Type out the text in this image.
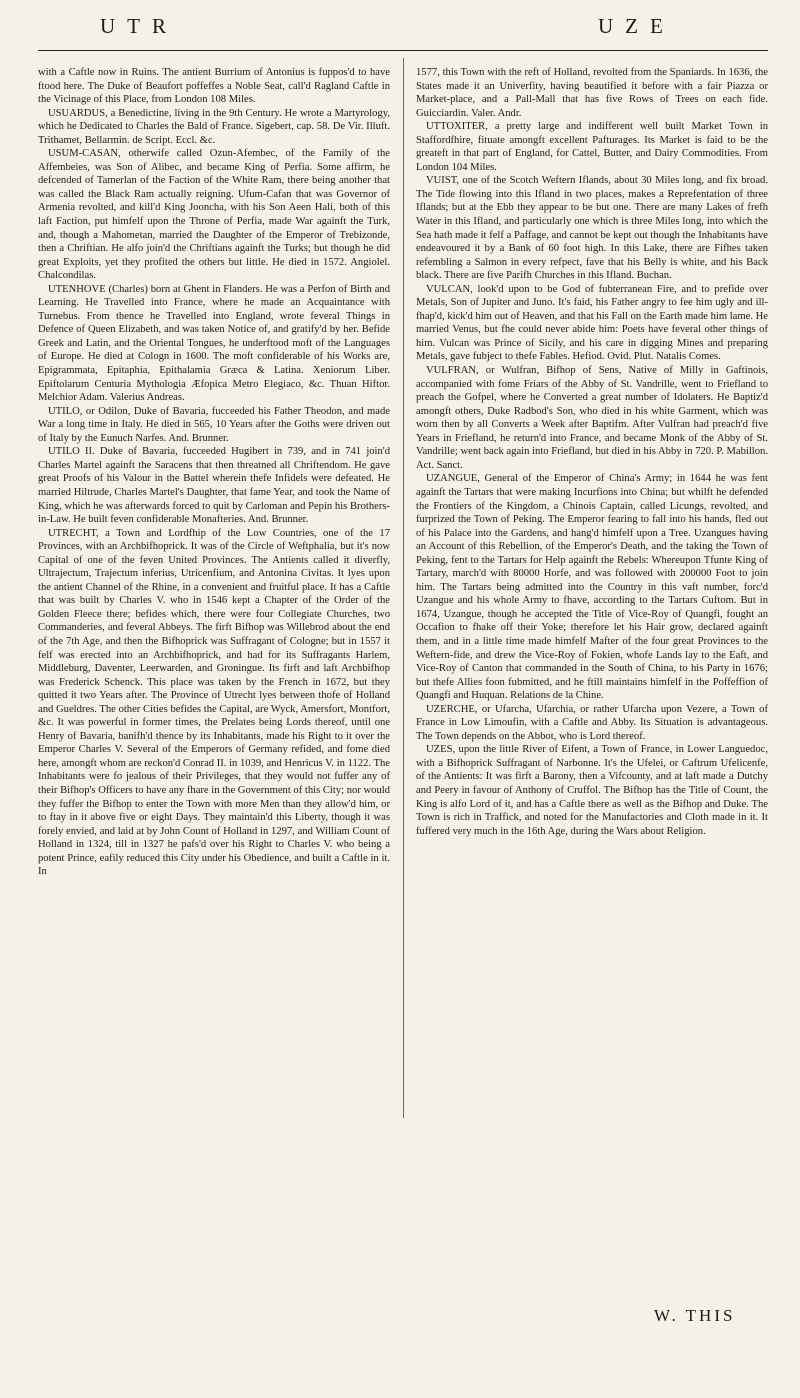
UTR	UZE

with a Caftle now in Ruins. The antient Burrium of Antonius is fuppos'd to have ftood here. The Duke of Beaufort poffeffes a Noble Seat, call'd Ragland Caftle in the Vicinage of this Place, from London 108 Miles.

USUARDUS, a Benedictine, living in the 9th Century. He wrote a Martyrology, which he Dedicated to Charles the Bald of France. Sigebert, cap. 58. De Vir. Illuft. Trithamet, Bellarmin. de Script. Eccl. &c.

USUM-CASAN, otherwife called Ozun-Afembec, of the Family of the Affembeies, was Son of Alibec, and became King of Perfia. Some affirm, he defcended of Tamerlan of the Faction of the White Ram, there being another that was called the Black Ram actually reigning. Ufum-Cafan that was Governor of Armenia revolted, and kill'd King Jooncha, with his Son Aeen Hali, both of this laft Faction, put himfelf upon the Throne of Perfia, made War againft the Turk, and, though a Mahometan, married the Daughter of the Emperor of Trebizonde, then a Chriftian. He alfo join'd the Chriftians againft the Turks; but though he did great Exploits, yet they profited the others but little. He died in 1572. Angiolel. Chalcondilas.

UTENHOVE (Charles) born at Ghent in Flanders. He was a Perfon of Birth and Learning. He Travelled into France, where he made an Acquaintance with Turnebus. From thence he Travelled into England, wrote feveral Things in Defence of Queen Elizabeth, and was taken Notice of, and gratify'd by her. Befide Greek and Latin, and the Oriental Tongues, he underftood moft of the Languages of Europe. He died at Cologn in 1600. The moft confiderable of his Works are, Epigrammata, Epitaphia, Epithalamia Græca & Latina. Xeniorum Liber. Epiftolarum Centuria Mythologia Æfopica Metro Elegiaco, &c. Thuan Hiftor. Melchior Adam. Valerius Andreas.

UTILO, or Odilon, Duke of Bavaria, fucceeded his Father Theodon, and made War a long time in Italy. He died in 565, 10 Years after the Goths were driven out of Italy by the Eunuch Narfes. And. Brunner.

UTILO II. Duke of Bavaria, fucceeded Hugibert in 739, and in 741 join'd Charles Martel againft the Saracens that then threatned all Chriftendom. He gave great Proofs of his Valour in the Battel wherein thefe Infidels were defeated. He married Hiltrude, Charles Martel's Daughter, that fame Year, and took the Name of King, which he was afterwards forced to quit by Carloman and Pepin his Brothers-in-Law. He built feven confiderable Monafteries. And. Brunner.

UTRECHT, a Town and Lordfhip of the Low Countries, one of the 17 Provinces, with an Archbifhoprick. It was of the Circle of Weftphalia, but it's now Capital of one of the feven United Provinces. The Antients called it diverfly, Ultrajectum, Trajectum inferius, Utricenfium, and Antonina Civitas. It lyes upon the antient Channel of the Rhine, in a convenient and fruitful place. It has a Caftle that was built by Charles V. who in 1546 kept a Chapter of the Order of the Golden Fleece there; befides which, there were four Collegiate Churches, two Commanderies, and feveral Abbeys. The firft Bifhop was Willebrod about the end of the 7th Age, and then the Bifhoprick was Suffragant of Cologne; but in 1557 it felf was erected into an Archbifhoprick, and had for its Suffragants Harlem, Middleburg, Daventer, Leerwarden, and Groningue. Its firft and laft Archbifhop was Frederick Schenck. This place was taken by the French in 1672, but they quitted it two Years after. The Province of Utrecht lyes between thofe of Holland and Gueldres. The other Cities befides the Capital, are Wyck, Amersfort, Montfort, &c. It was powerful in former times, the Prelates being Lords thereof, until one Henry of Bavaria, banifh'd thence by its Inhabitants, made his Right to it over the Emperor Charles V. Several of the Emperors of Germany refided, and fome died here, amongft whom are reckon'd Conrad II. in 1039, and Henricus V. in 1122. The Inhabitants were fo jealous of their Privileges, that they would not fuffer any of their Bifhop's Officers to have any fhare in the Government of this City; nor would they fuffer the Bifhop to enter the Town with more Men than they allow'd him, or to ftay in it above five or eight Days. They maintain'd this Liberty, though it was forely envied, and laid at by John Count of Holland in 1297, and William Count of Holland in 1324, till in 1327 he pafs'd over his Right to Charles V. who being a potent Prince, eafily reduced this City under his Obedience, and built a Caftle in it. In

1577, this Town with the reft of Holland, revolted from the Spaniards. In 1636, the States made it an Univerfity, having beautified it before with a fair Piazza or Market-place, and a Pall-Mall that has five Rows of Trees on each fide. Guicciardin. Valer. Andr.

UTTOXITER, a pretty large and indifferent well built Market Town in Staffordfhire, fituate amongft excellent Pafturages. Its Market is faid to be the greateft in that part of England, for Cattel, Butter, and Dairy Commodities. From London 104 Miles.

VUIST, one of the Scotch Weftern Iflands, about 30 Miles long, and fix broad. The Tide flowing into this Ifland in two places, makes a Reprefentation of three Iflands; but at the Ebb they appear to be but one. There are many Lakes of frefh Water in this Ifland, and particularly one which is three Miles long, into which the Sea hath made it felf a Paffage, and cannot be kept out though the Inhabitants have endeavoured it by a Bank of 60 foot high. In this Lake, there are Fifhes taken refembling a Salmon in every refpect, fave that his Belly is white, and his Back black. There are five Parifh Churches in this Ifland. Buchan.

VULCAN, look'd upon to be God of fubterranean Fire, and to prefide over Metals, Son of Jupiter and Juno. It's faid, his Father angry to fee him ugly and ill-fhap'd, kick'd him out of Heaven, and that his Fall on the Earth made him lame. He married Venus, but fhe could never abide him: Poets have feveral other things of him. Vulcan was Prince of Sicily, and his care in digging Mines and preparing Metals, gave fubject to thefe Fables. Hefiod. Ovid. Plut. Natalis Comes.

VULFRAN, or Wulfran, Bifhop of Sens, Native of Milly in Gaftinois, accompanied with fome Friars of the Abby of St. Vandrille, went to Friefland to preach the Gofpel, where he Converted a great number of Idolaters. He Baptiz'd amongft others, Duke Radbod's Son, who died in his white Garment, which was worn then by all Converts a Week after Baptifm. After Vulfran had preach'd five Years in Friefland, he return'd into France, and became Monk of the Abby of St. Vandrille; went back again into Friefland, but died in his Abby in 720. P. Mabillon. Act. Sanct.

UZANGUE, General of the Emperor of China's Army; in 1644 he was fent againft the Tartars that were making Incurfions into China; but whilft he defended the Frontiers of the Kingdom, a Chinois Captain, called Licungs, revolted, and furprized the Town of Peking. The Emperor fearing to fall into his hands, fled out of his Palace into the Gardens, and hang'd himfelf upon a Tree. Uzangues having an Account of this Rebellion, of the Emperor's Death, and the taking the Town of Peking, fent to the Tartars for Help againft the Rebels: Whereupon Tfunte King of Tartary, march'd with 80000 Horfe, and was followed with 200000 Foot to join him. The Tartars being admitted into the Country in this vaft number, forc'd Uzangue and his whole Army to fhave, according to the Tartars Cuftom. But in 1674, Uzangue, though he accepted the Title of Vice-Roy of Quangfi, fought an Occafion to fhake off their Yoke; therefore let his Hair grow, declared againft them, and in a little time made himfelf Mafter of the four great Provinces to the Weftern-fide, and drew the Vice-Roy of Fokien, whofe Lands lay to the Eaft, and Vice-Roy of Canton that commanded in the South of China, to his Party in 1676; but thefe Allies foon fubmitted, and he ftill maintains himfelf in the Poffeffion of Quangfi and Huquan. Relations de la Chine.

UZERCHE, or Ufarcha, Ufarchia, or rather Ufarcha upon Vezere, a Town of France in Low Limoufin, with a Caftle and Abby. Its Situation is advantageous. The Town depends on the Abbot, who is Lord thereof.

UZES, upon the little River of Eifent, a Town of France, in Lower Languedoc, with a Bifhoprick Suffragant of Narbonne. It's the Ufelei, or Caftrum Ufelicenfe, of the Antients: It was firft a Barony, then a Vifcounty, and at laft made a Dutchy and Peery in favour of Anthony of Cruffol. The Bifhop has the Title of Count, the King is alfo Lord of it, and has a Caftle there as well as the Bifhop and Duke. The Town is rich in Traffick, and noted for the Manufactories and Cloth made in it. It fuffered very much in the 16th Age, during the Wars about Religion.

W. THIS
